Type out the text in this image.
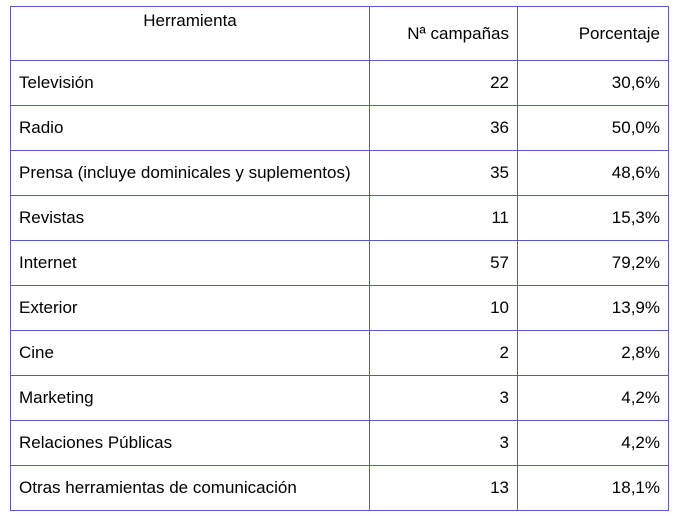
Herramienta	Nª campañas	Porcentaje
Televisión	22	30,6%
Radio	36	50,0%
Prensa (incluye dominicales y suplementos)	35	48,6%
Revistas	11	15,3%
Internet	57	79,2%
Exterior	10	13,9%
Cine	2	2,8%
Marketing	3	4,2%
Relaciones Públicas	3	4,2%
Otras herramientas de comunicación	13	18,1%
